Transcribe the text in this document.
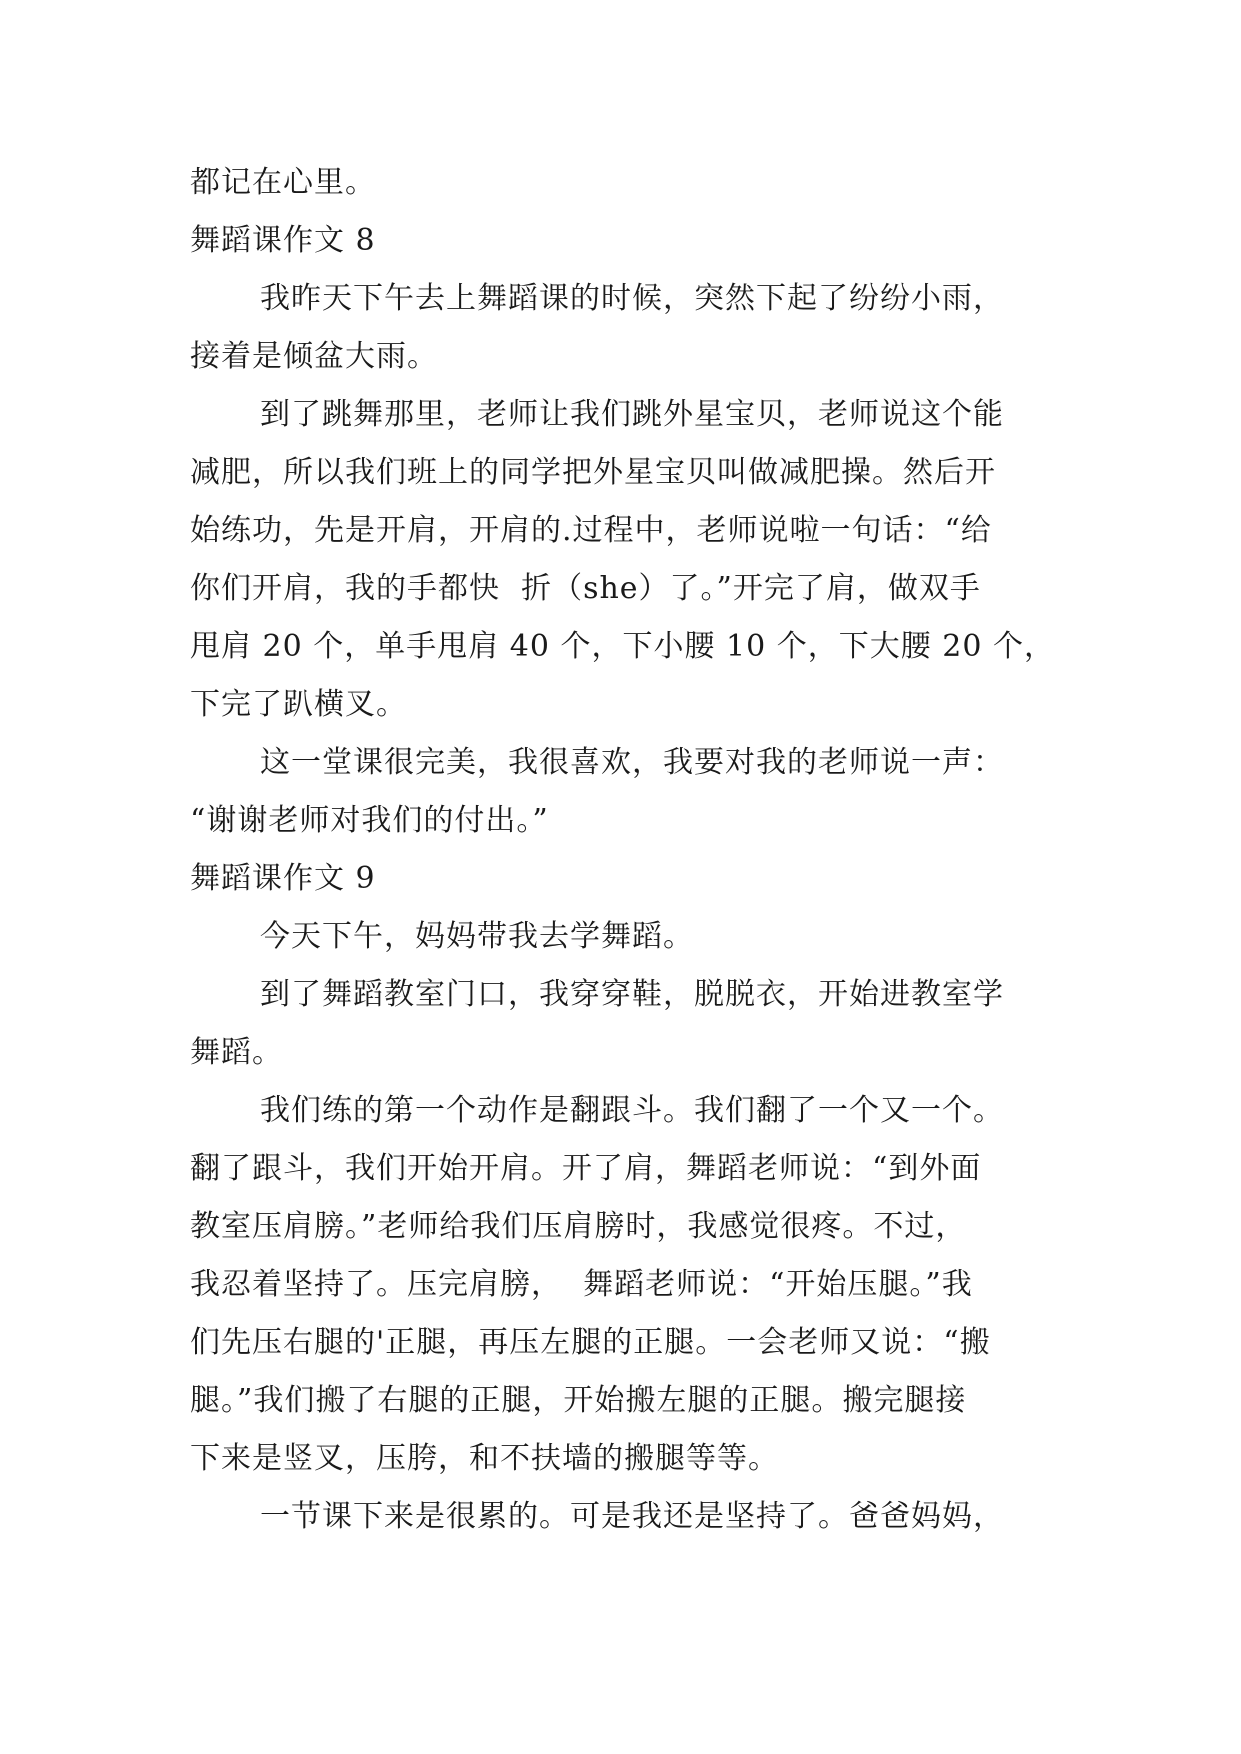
都记在心里。
舞蹈课作文 8
我昨天下午去上舞蹈课的时候，突然下起了纷纷小雨，
接着是倾盆大雨。
到了跳舞那里，老师让我们跳外星宝贝，老师说这个能
减肥，所以我们班上的同学把外星宝贝叫做减肥操。然后开
始练功，先是开肩，开肩的.过程中，老师说啦一句话：“给
你们开肩，我的手都快  折（she）了。”开完了肩，做双手
甩肩 20 个，单手甩肩 40 个，下小腰 10 个，下大腰 20 个，
下完了趴横叉。
这一堂课很完美，我很喜欢，我要对我的老师说一声：
“谢谢老师对我们的付出。”
舞蹈课作文 9
今天下午，妈妈带我去学舞蹈。
到了舞蹈教室门口，我穿穿鞋，脱脱衣，开始进教室学
舞蹈。
我们练的第一个动作是翻跟斗。我们翻了一个又一个。
翻了跟斗，我们开始开肩。开了肩，舞蹈老师说：“到外面
教室压肩膀。”老师给我们压肩膀时，我感觉很疼。不过，
我忍着坚持了。压完肩膀，  舞蹈老师说：“开始压腿。”我
们先压右腿的'正腿，再压左腿的正腿。一会老师又说：“搬
腿。”我们搬了右腿的正腿，开始搬左腿的正腿。搬完腿接
下来是竖叉，压胯，和不扶墙的搬腿等等。
一节课下来是很累的。可是我还是坚持了。爸爸妈妈，
